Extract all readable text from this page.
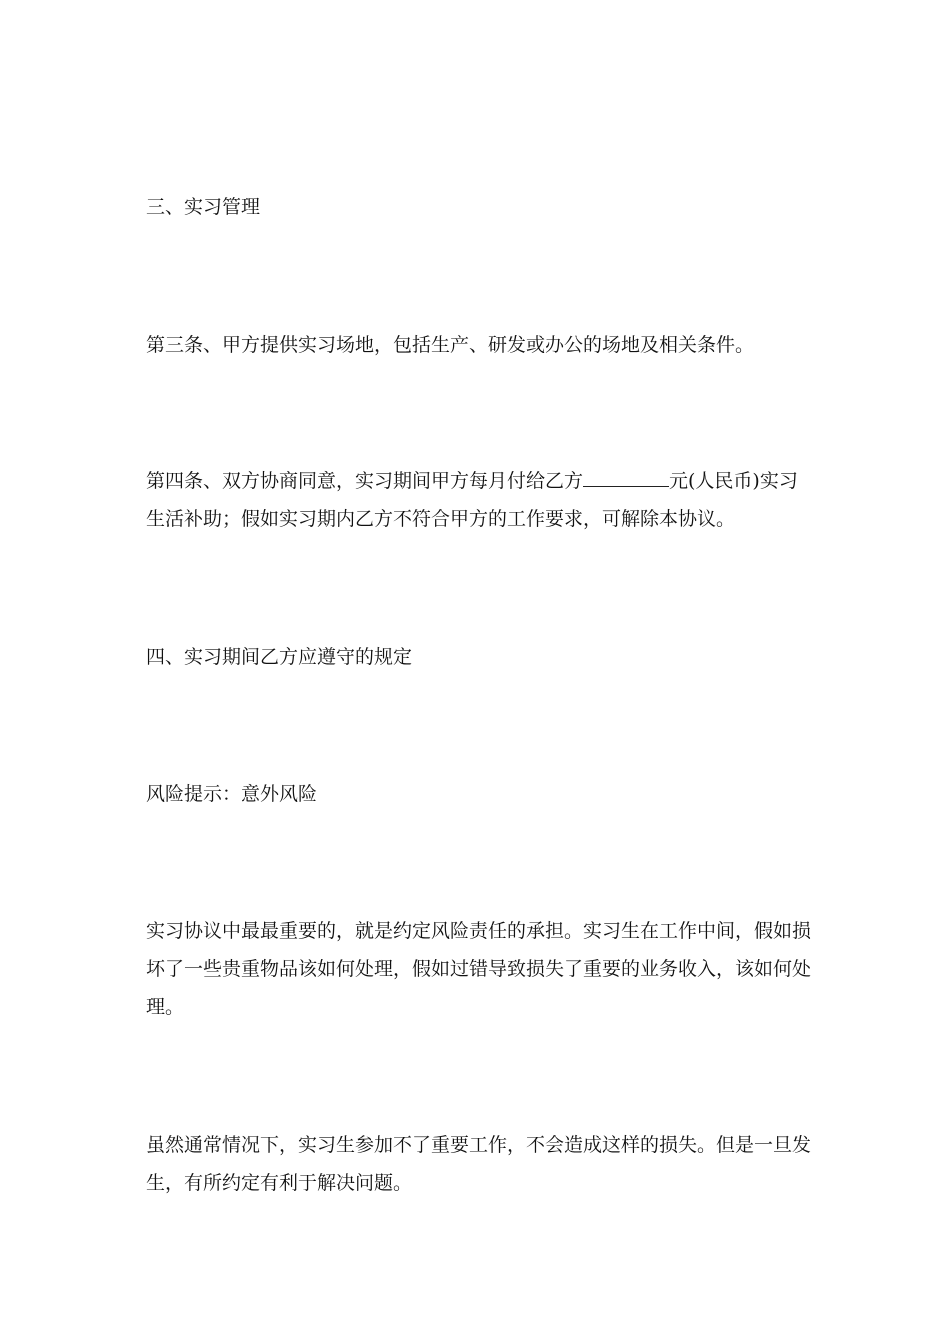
三、实习管理

第三条、甲方提供实习场地，包括生产、研发或办公的场地及相关条件。

第四条、双方协商同意，实习期间甲方每月付给乙方	元(人民币)实习生活补助；假如实习期内乙方不符合甲方的工作要求，可解除本协议。

四、实习期间乙方应遵守的规定

风险提示：意外风险

实习协议中最最重要的，就是约定风险责任的承担。实习生在工作中间，假如损坏了一些贵重物品该如何处理，假如过错导致损失了重要的业务收入，该如何处理。

虽然通常情况下，实习生参加不了重要工作，不会造成这样的损失。但是一旦发生，有所约定有利于解决问题。
